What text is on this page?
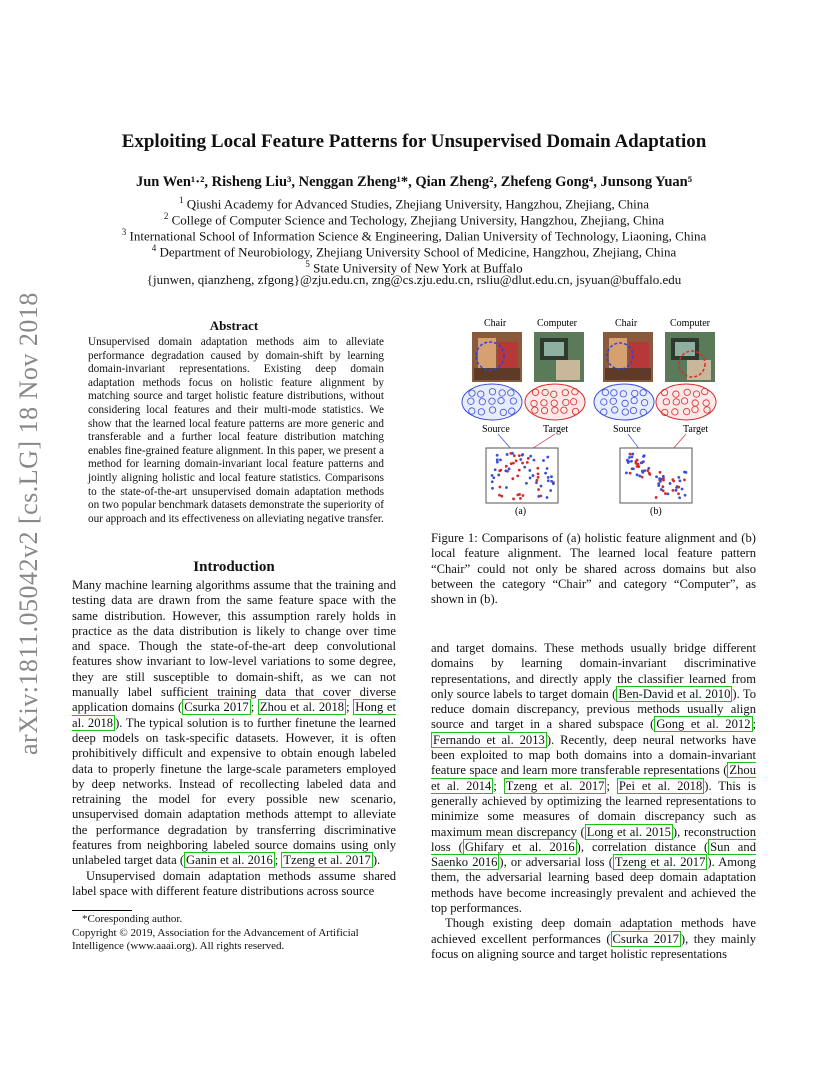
arXiv:1811.05042v2 [cs.LG] 18 Nov 2018
Exploiting Local Feature Patterns for Unsupervised Domain Adaptation
Jun Wen¹·², Risheng Liu³, Nenggan Zheng¹*, Qian Zheng², Zhefeng Gong⁴, Junsong Yuan⁵
$^1$ Qiushi Academy for Advanced Studies, Zhejiang University, Hangzhou, Zhejiang, China
$^2$ College of Computer Science and Techology, Zhejiang University, Hangzhou, Zhejiang, China
$^3$ International School of Information Science & Engineering, Dalian University of Technology, Liaoning, China
$^4$ Department of Neurobiology, Zhejiang University School of Medicine, Hangzhou, Zhejiang, China
$^5$ State University of New York at Buffalo
{junwen, qianzheng, zfgong}@zju.edu.cn, zng@cs.zju.edu.cn, rsliu@dlut.edu.cn, jsyuan@buffalo.edu
Abstract
Unsupervised domain adaptation methods aim to alleviate performance degradation caused by domain-shift by learning domain-invariant representations. Existing deep domain adaptation methods focus on holistic feature alignment by matching source and target holistic feature distributions, without considering local features and their multi-mode statistics. We show that the learned local feature patterns are more generic and transferable and a further local feature distribution matching enables fine-grained feature alignment. In this paper, we present a method for learning domain-invariant local feature patterns and jointly aligning holistic and local feature statistics. Comparisons to the state-of-the-art unsupervised domain adaptation methods on two popular benchmark datasets demonstrate the superiority of our approach and its effectiveness on alleviating negative transfer.
Introduction

Many machine learning algorithms assume that the training and testing data are drawn from the same feature space with the same distribution. However, this assumption rarely holds in practice as the data distribution is likely to change over time and space. Though the state-of-the-art deep convolutional features show invariant to low-level variations to some degree, they are still susceptible to domain-shift, as we can not manually label sufficient training data that cover diverse application domains ( Csurka 2017 ; Zhou et al. 2018 ; Hong et al. 2018 ). The typical solution is to further finetune the learned deep models on task-specific datasets. However, it is often prohibitively difficult and expensive to obtain enough labeled data to properly finetune the large-scale parameters employed by deep networks. Instead of recollecting labeled data and retraining the model for every possible new scenario, unsupervised domain adaptation methods attempt to alleviate the performance degradation by transferring discriminative features from neighboring labeled source domains using only unlabeled target data ( Ganin et al. 2016 ; Tzeng et al. 2017 ).

Unsupervised domain adaptation methods assume shared label space with different feature distributions across source

*Coresponding author.
Copyright © 2019, Association for the Advancement of Artificial Intelligence (www.aaai.org). All rights reserved.
Chair	Computer	Chair	Computer
Source	Target	Source	Target
(a)	(b)
Figure 1: Comparisons of (a) holistic feature alignment and (b) local feature alignment. The learned local feature pattern “Chair” could not only be shared across domains but also between the category “Chair” and category “Computer”, as shown in (b).

and target domains. These methods usually bridge different domains by learning domain-invariant discriminative representations, and directly apply the classifier learned from only source labels to target domain ( Ben-David et al. 2010 ). To reduce domain discrepancy, previous methods usually align source and target in a shared subspace ( Gong et al. 2012 ; Fernando et al. 2013 ). Recently, deep neural networks have been exploited to map both domains into a domain-invariant feature space and learn more transferable representations ( Zhou et al. 2014 ; Tzeng et al. 2017 ; Pei et al. 2018 ). This is generally achieved by optimizing the learned representations to minimize some measures of domain discrepancy such as maximum mean discrepancy ( Long et al. 2015 ), reconstruction loss ( Ghifary et al. 2016 ), correlation distance ( Sun and Saenko 2016 ), or adversarial loss ( Tzeng et al. 2017 ). Among them, the adversarial learning based deep domain adaptation methods have become increasingly prevalent and achieved the top performances.

Though existing deep domain adaptation methods have achieved excellent performances ( Csurka 2017 ), they mainly focus on aligning source and target holistic representations
